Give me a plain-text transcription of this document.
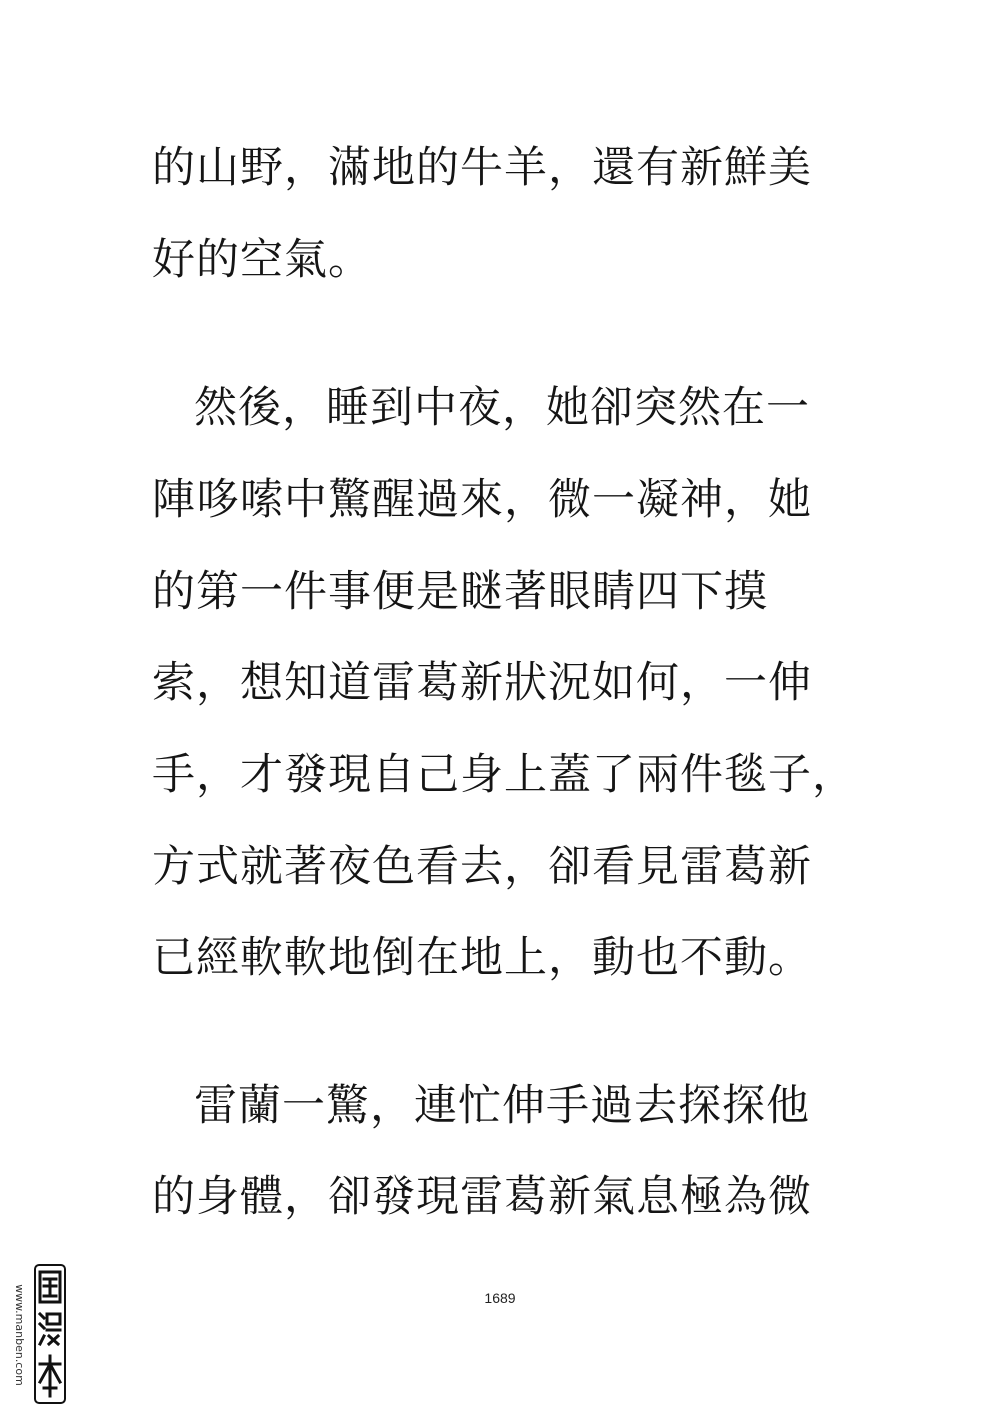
的山野，滿地的牛羊，還有新鮮美
好的空氣。
然後，睡到中夜，她卻突然在一
陣哆嗦中驚醒過來，微一凝神，她
的第一件事便是瞇著眼睛四下摸
索，想知道雷葛新狀況如何，一伸
手，才發現自己身上蓋了兩件毯子，
方式就著夜色看去，卻看見雷葛新
已經軟軟地倒在地上，動也不動。
雷蘭一驚，連忙伸手過去探探他
的身體，卻發現雷葛新氣息極為微
1689
www.manben.com
